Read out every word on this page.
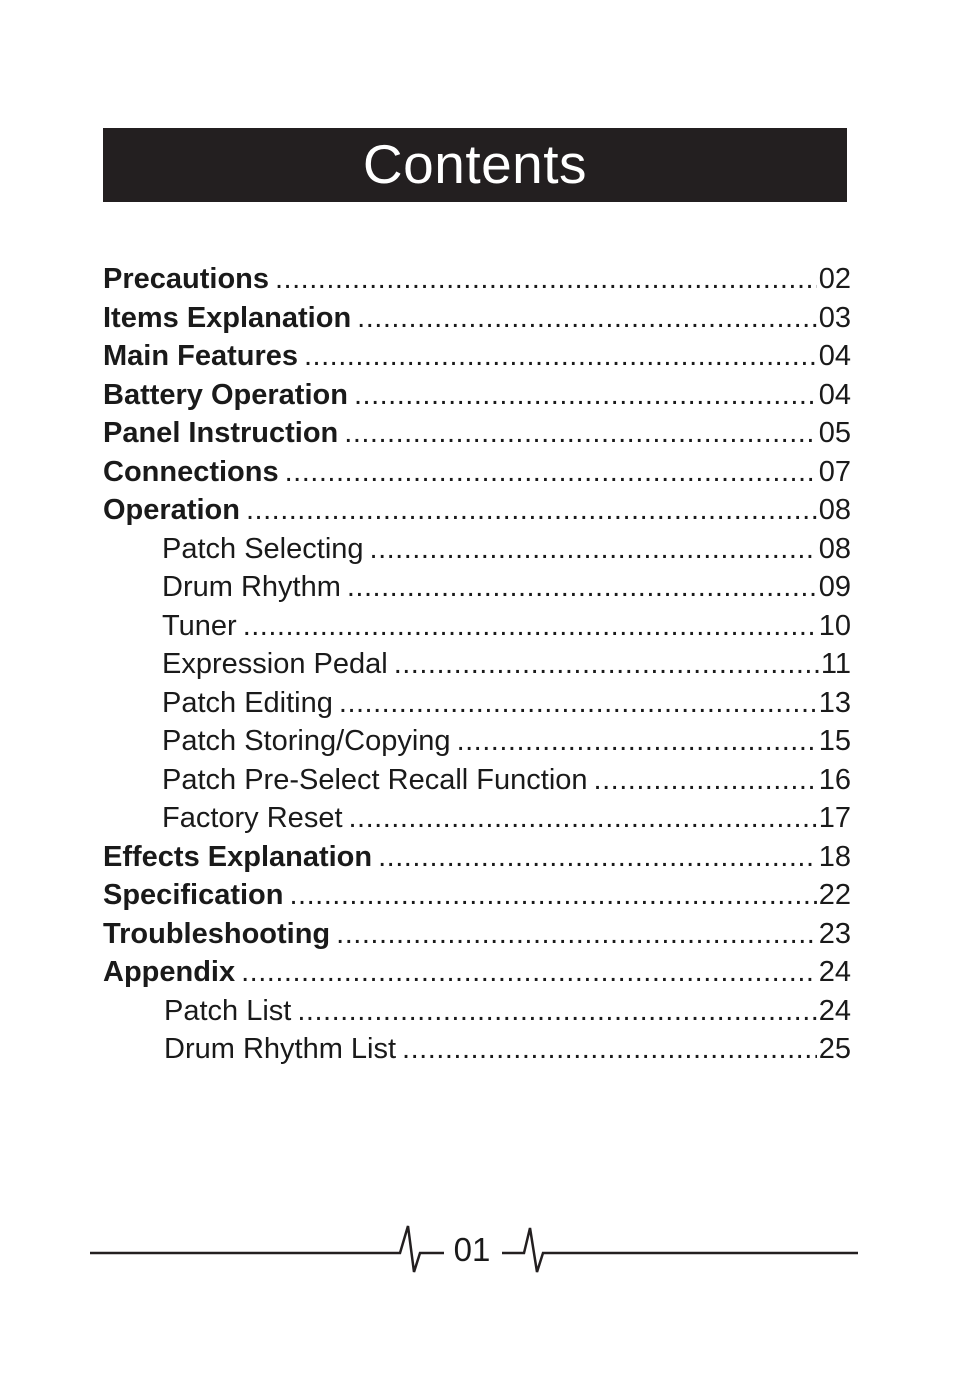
Contents
Precautions .....	02
Items Explanation .....	03
Main Features .....	04
Battery Operation .....	04
Panel Instruction .....	05
Connections .....	07
Operation .....	08
Patch Selecting .....	08
Drum Rhythm .....	09
Tuner .....	10
Expression Pedal .....	11
Patch Editing .....	13
Patch Storing/Copying .....	15
Patch Pre-Select Recall Function .....	16
Factory Reset .....	17
Effects Explanation .....	18
Specification .....	22
Troubleshooting .....	23
Appendix .....	24
Patch List .....	24
Drum Rhythm List .....	25
01
